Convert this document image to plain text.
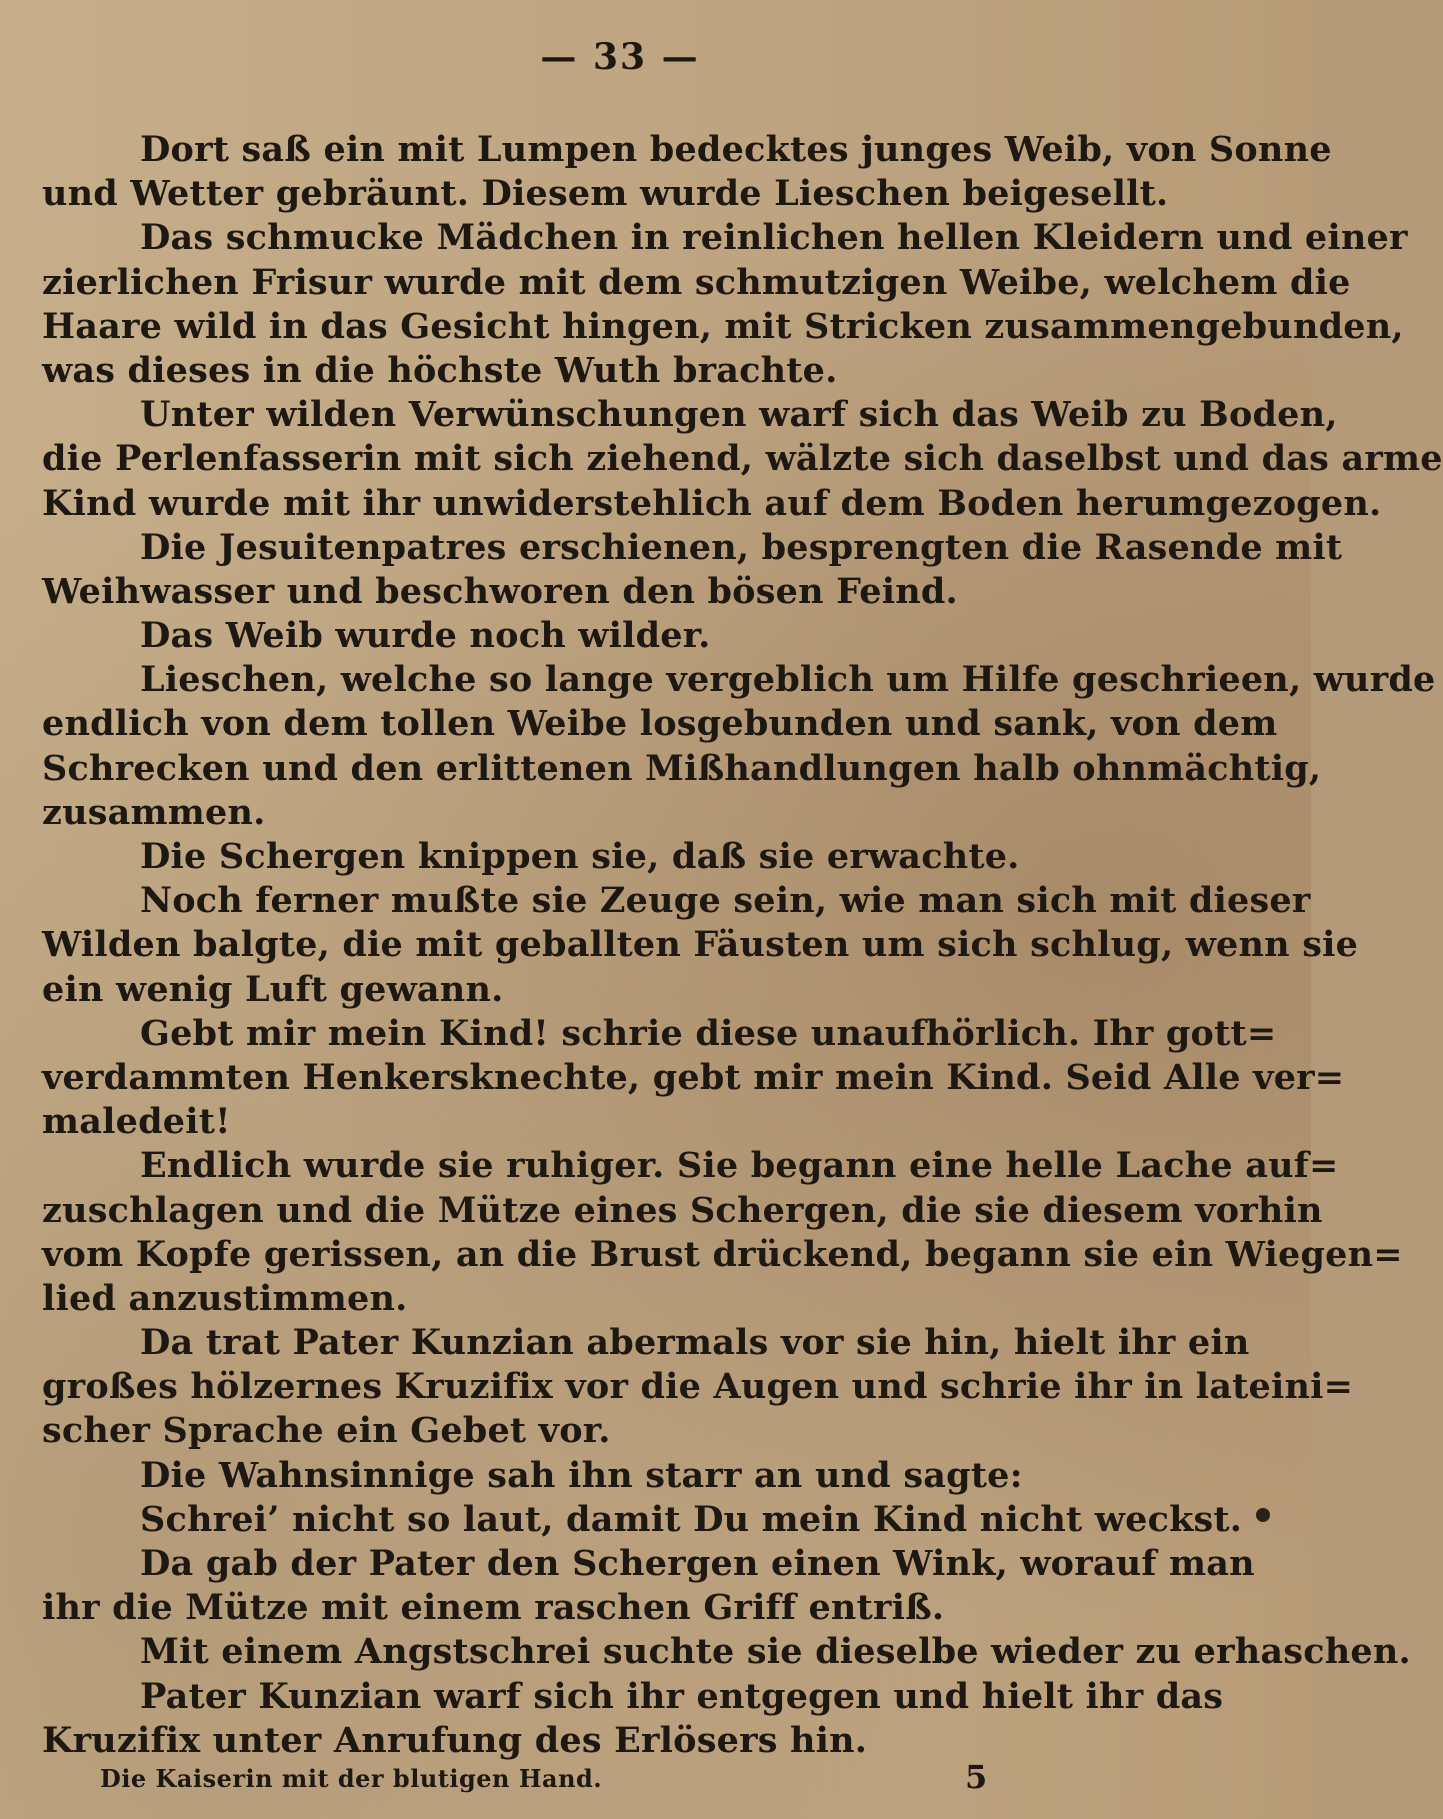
— 33 —
Dort saß ein mit Lumpen bedecktes junges Weib, von Sonne
und Wetter gebräunt. Diesem wurde Lieschen beigesellt.
Das schmucke Mädchen in reinlichen hellen Kleidern und einer
zierlichen Frisur wurde mit dem schmutzigen Weibe, welchem die
Haare wild in das Gesicht hingen, mit Stricken zusammengebunden,
was dieses in die höchste Wuth brachte.
Unter wilden Verwünschungen warf sich das Weib zu Boden,
die Perlenfasserin mit sich ziehend, wälzte sich daselbst und das arme
Kind wurde mit ihr unwiderstehlich auf dem Boden herumgezogen.
Die Jesuitenpatres erschienen, besprengten die Rasende mit
Weihwasser und beschworen den bösen Feind.
Das Weib wurde noch wilder.
Lieschen, welche so lange vergeblich um Hilfe geschrieen, wurde
endlich von dem tollen Weibe losgebunden und sank, von dem
Schrecken und den erlittenen Mißhandlungen halb ohnmächtig,
zusammen.
Die Schergen knippen sie, daß sie erwachte.
Noch ferner mußte sie Zeuge sein, wie man sich mit dieser
Wilden balgte, die mit geballten Fäusten um sich schlug, wenn sie
ein wenig Luft gewann.
Gebt mir mein Kind! schrie diese unaufhörlich. Ihr gott=
verdammten Henkersknechte, gebt mir mein Kind. Seid Alle ver=
maledeit!
Endlich wurde sie ruhiger. Sie begann eine helle Lache auf=
zuschlagen und die Mütze eines Schergen, die sie diesem vorhin
vom Kopfe gerissen, an die Brust drückend, begann sie ein Wiegen=
lied anzustimmen.
Da trat Pater Kunzian abermals vor sie hin, hielt ihr ein
großes hölzernes Kruzifix vor die Augen und schrie ihr in lateini=
scher Sprache ein Gebet vor.
Die Wahnsinnige sah ihn starr an und sagte:
Schrei’ nicht so laut, damit Du mein Kind nicht weckst.
Da gab der Pater den Schergen einen Wink, worauf man
ihr die Mütze mit einem raschen Griff entriß.
Mit einem Angstschrei suchte sie dieselbe wieder zu erhaschen.
Pater Kunzian warf sich ihr entgegen und hielt ihr das
Kruzifix unter Anrufung des Erlösers hin.
Die Kaiserin mit der blutigen Hand.	5
